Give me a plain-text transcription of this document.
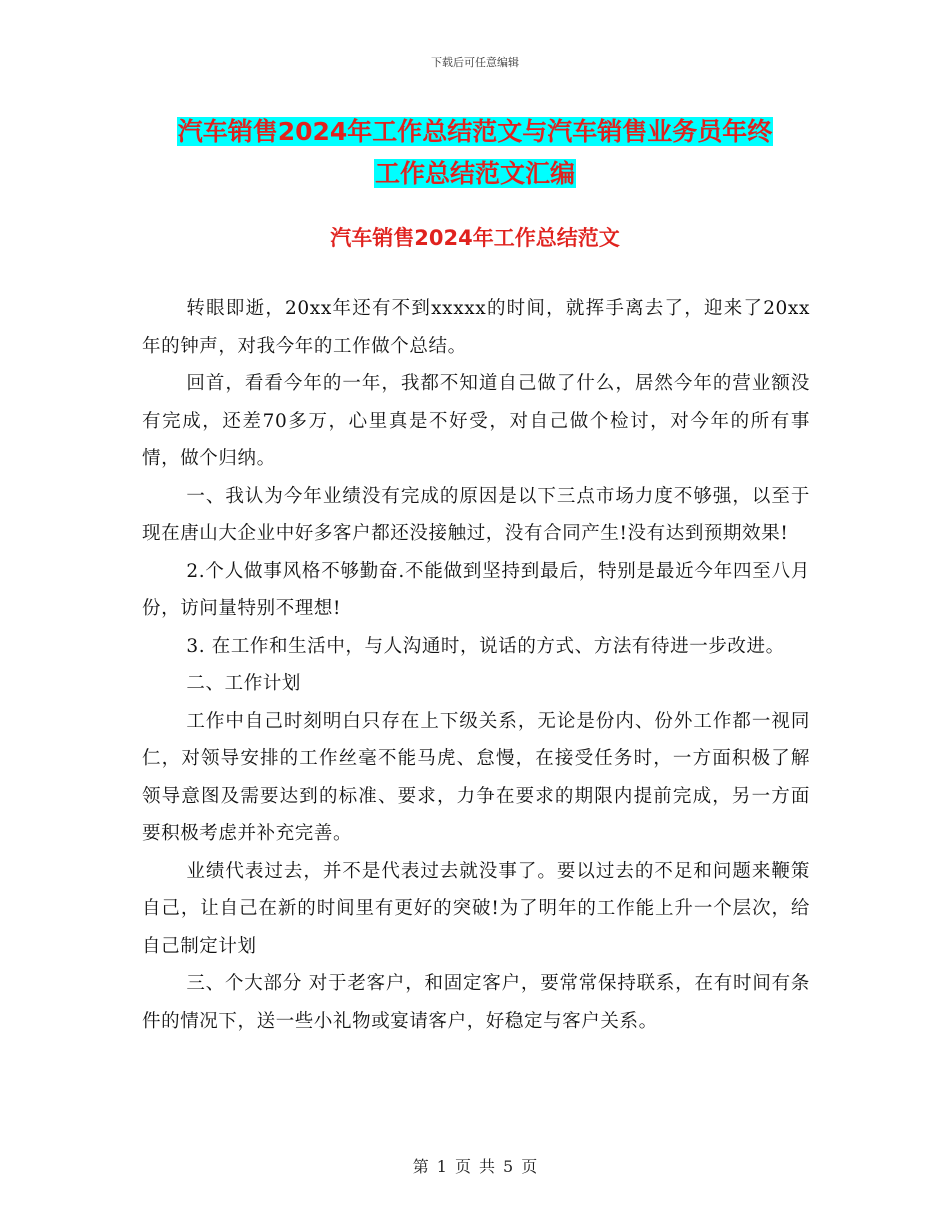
下载后可任意编辑
汽车销售2024年工作总结范文与汽车销售业务员年终
工作总结范文汇编
汽车销售2024年工作总结范文

转眼即逝，20xx年还有不到xxxxx的时间，就挥手离去了，迎来了20xx年的钟声，对我今年的工作做个总结。

回首，看看今年的一年，我都不知道自己做了什么，居然今年的营业额没有完成，还差70多万，心里真是不好受，对自己做个检讨，对今年的所有事情，做个归纳。

一、我认为今年业绩没有完成的原因是以下三点市场力度不够强，以至于现在唐山大企业中好多客户都还没接触过，没有合同产生!没有达到预期效果!

2.个人做事风格不够勤奋.不能做到坚持到最后，特别是最近今年四至八月份，访问量特别不理想!

3. 在工作和生活中，与人沟通时，说话的方式、方法有待进一步改进。

二、工作计划

工作中自己时刻明白只存在上下级关系，无论是份内、份外工作都一视同仁，对领导安排的工作丝毫不能马虎、怠慢，在接受任务时，一方面积极了解领导意图及需要达到的标准、要求，力争在要求的期限内提前完成，另一方面要积极考虑并补充完善。

业绩代表过去，并不是代表过去就没事了。要以过去的不足和问题来鞭策自己，让自己在新的时间里有更好的突破!为了明年的工作能上升一个层次，给自己制定计划

三、个大部分 对于老客户，和固定客户，要常常保持联系，在有时间有条件的情况下，送一些小礼物或宴请客户，好稳定与客户关系。

第 1 页 共 5 页
